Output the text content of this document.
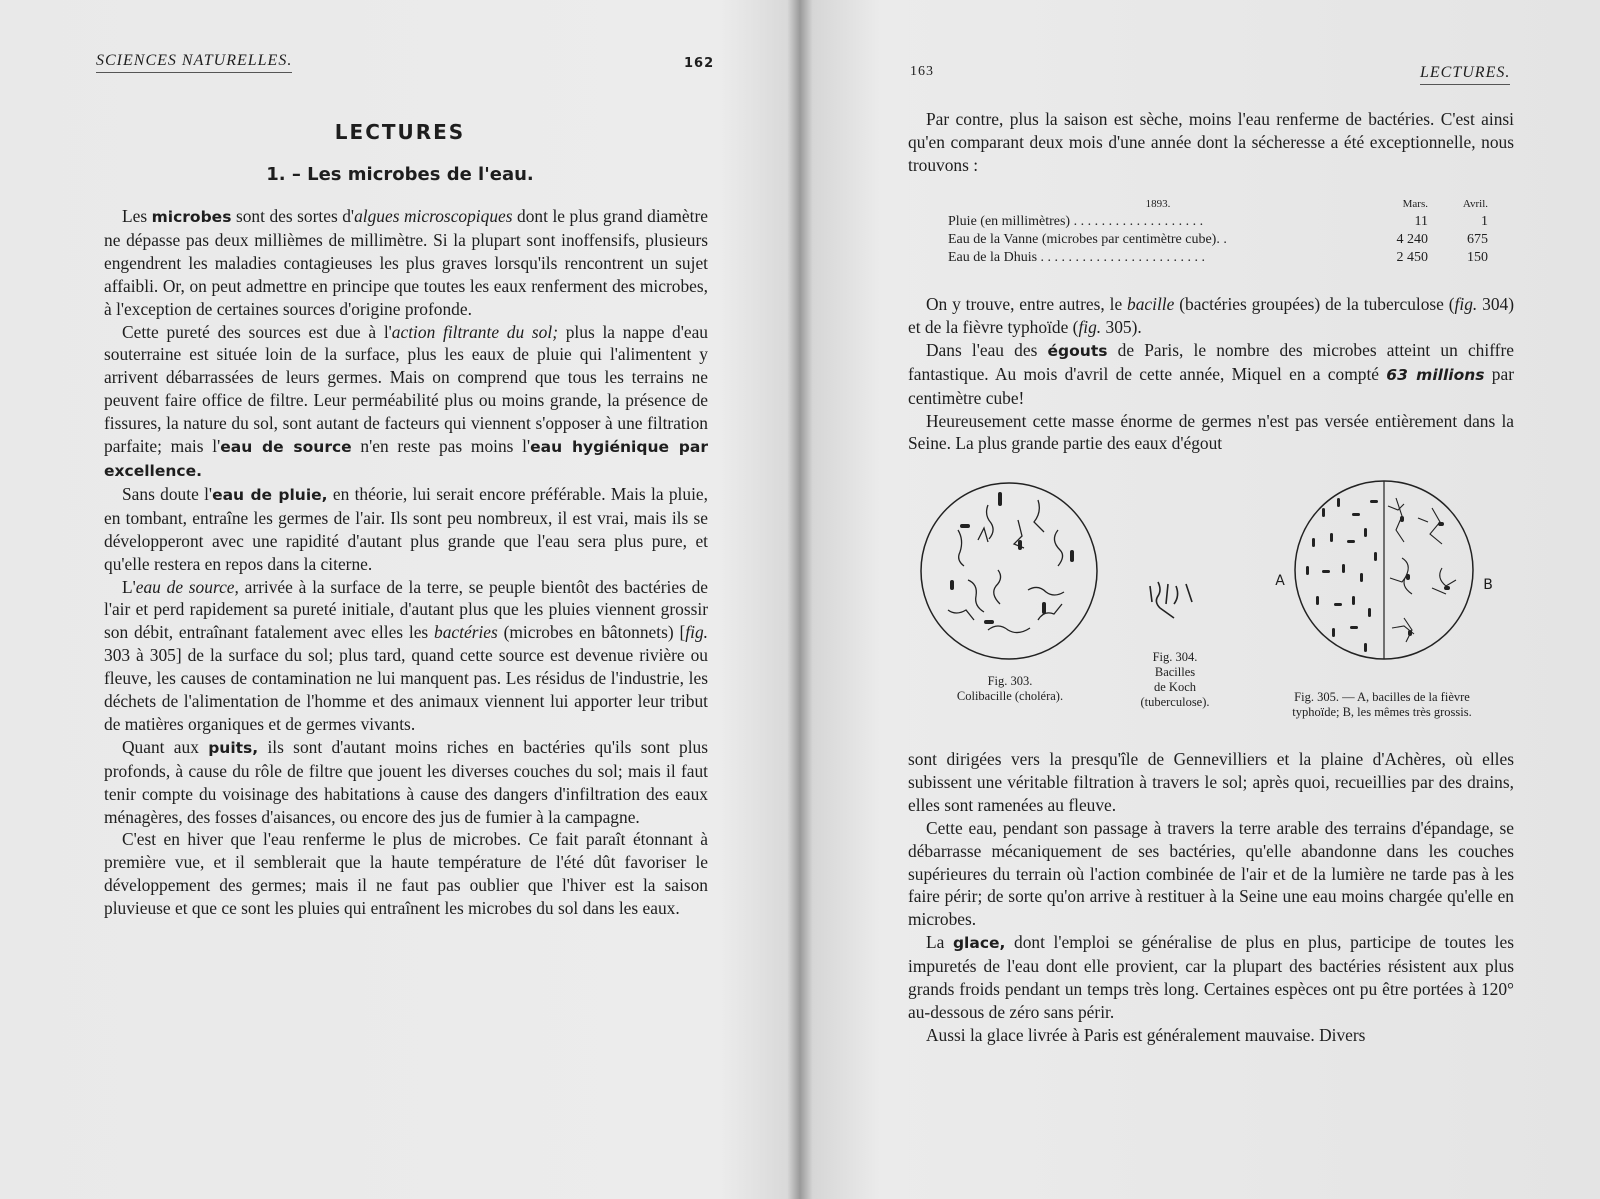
SCIENCES NATURELLES.	162
LECTURES
1. – Les microbes de l'eau.

Les microbes sont des sortes d'algues microscopiques dont le plus grand diamètre ne dépasse pas deux millièmes de millimètre. Si la plupart sont inoffensifs, plusieurs engendrent les maladies contagieuses les plus graves lorsqu'ils rencontrent un sujet affaibli. Or, on peut admettre en principe que toutes les eaux renferment des microbes, à l'exception de certaines sources d'origine profonde.

Cette pureté des sources est due à l'action filtrante du sol; plus la nappe d'eau souterraine est située loin de la surface, plus les eaux de pluie qui l'alimentent y arrivent débarrassées de leurs germes. Mais on comprend que tous les terrains ne peuvent faire office de filtre. Leur perméabilité plus ou moins grande, la présence de fissures, la nature du sol, sont autant de facteurs qui viennent s'opposer à une filtration parfaite; mais l'eau de source n'en reste pas moins l'eau hygiénique par excellence.

Sans doute l'eau de pluie, en théorie, lui serait encore préférable. Mais la pluie, en tombant, entraîne les germes de l'air. Ils sont peu nombreux, il est vrai, mais ils se développeront avec une rapidité d'autant plus grande que l'eau sera plus pure, et qu'elle restera en repos dans la citerne.

L'eau de source, arrivée à la surface de la terre, se peuple bientôt des bactéries de l'air et perd rapidement sa pureté initiale, d'autant plus que les pluies viennent grossir son débit, entraînant fatalement avec elles les bactéries (microbes en bâtonnets) [fig. 303 à 305] de la surface du sol; plus tard, quand cette source est devenue rivière ou fleuve, les causes de contamination ne lui manquent pas. Les résidus de l'industrie, les déchets de l'alimentation de l'homme et des animaux viennent lui apporter leur tribut de matières organiques et de germes vivants.

Quant aux puits, ils sont d'autant moins riches en bactéries qu'ils sont plus profonds, à cause du rôle de filtre que jouent les diverses couches du sol; mais il faut tenir compte du voisinage des habitations à cause des dangers d'infiltration des eaux ménagères, des fosses d'aisances, ou encore des jus de fumier à la campagne.

C'est en hiver que l'eau renferme le plus de microbes. Ce fait paraît étonnant à première vue, et il semblerait que la haute température de l'été dût favoriser le développement des germes; mais il ne faut pas oublier que l'hiver est la saison pluvieuse et que ce sont les pluies qui entraînent les microbes du sol dans les eaux.

163	LECTURES.

Par contre, plus la saison est sèche, moins l'eau renferme de bactéries. C'est ainsi qu'en comparant deux mois d'une année dont la sécheresse a été exceptionnelle, nous trouvons :

1893.	Mars.	Avril.
Pluie (en millimètres) . . . . . . . . . . . . . . . . . . .	11	1
Eau de la Vanne (microbes par centimètre cube). .	4 240	675
Eau de la Dhuis . . . . . . . . . . . . . . . . . . . . . . . .	2 450	150

On y trouve, entre autres, le bacille (bactéries groupées) de la tuberculose (fig. 304) et de la fièvre typhoïde (fig. 305).

Dans l'eau des égouts de Paris, le nombre des microbes atteint un chiffre fantastique. Au mois d'avril de cette année, Miquel en a compté 63 millions par centimètre cube!

Heureusement cette masse énorme de germes n'est pas versée entièrement dans la Seine. La plus grande partie des eaux d'égout

Fig. 303.
Colibacille (choléra).
Fig. 304.
Bacilles
de Koch
(tuberculose).
A	B
Fig. 305. — A, bacilles de la fièvre
typhoïde; B, les mêmes très grossis.

sont dirigées vers la presqu'île de Gennevilliers et la plaine d'Achères, où elles subissent une véritable filtration à travers le sol; après quoi, recueillies par des drains, elles sont ramenées au fleuve.

Cette eau, pendant son passage à travers la terre arable des terrains d'épandage, se débarrasse mécaniquement de ses bactéries, qu'elle abandonne dans les couches supérieures du terrain où l'action combinée de l'air et de la lumière ne tarde pas à les faire périr; de sorte qu'on arrive à restituer à la Seine une eau moins chargée qu'elle en microbes.

La glace, dont l'emploi se généralise de plus en plus, participe de toutes les impuretés de l'eau dont elle provient, car la plupart des bactéries résistent aux plus grands froids pendant un temps très long. Certaines espèces ont pu être portées à 120° au-dessous de zéro sans périr.

Aussi la glace livrée à Paris est généralement mauvaise. Divers
